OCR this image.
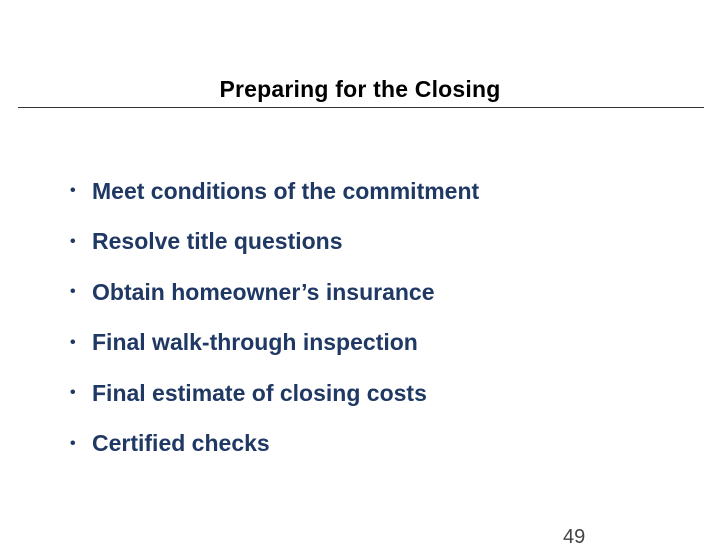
Preparing for the Closing
• Meet conditions of the commitment
• Resolve title questions
• Obtain homeowner’s insurance
• Final walk-through inspection
• Final estimate of closing costs
• Certified checks
49
